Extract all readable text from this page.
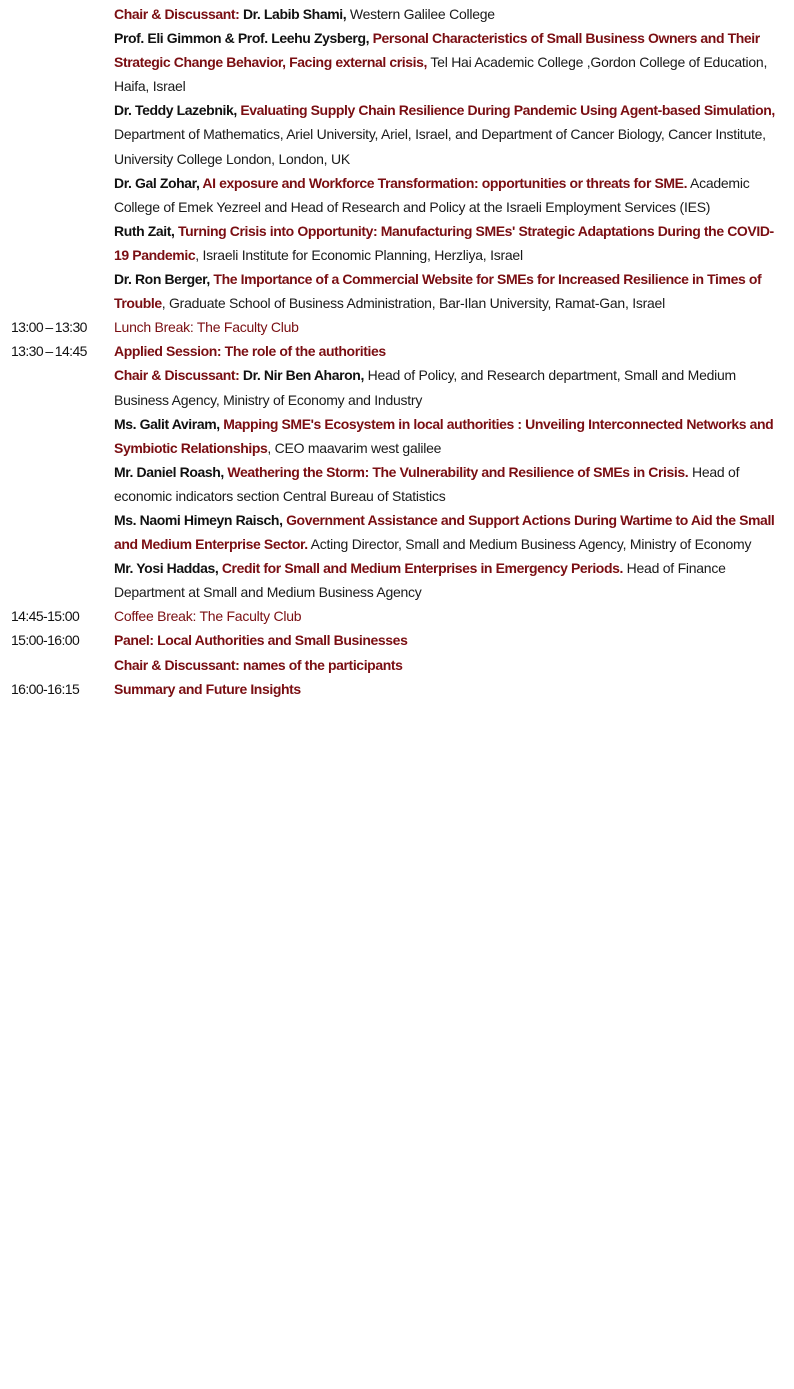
Chair & Discussant: Dr. Labib Shami, Western Galilee College
Prof. Eli Gimmon & Prof. Leehu Zysberg, Personal Characteristics of Small Business Owners and Their Strategic Change Behavior, Facing external crisis, Tel Hai Academic College ,Gordon College of Education, Haifa, Israel
Dr. Teddy Lazebnik, Evaluating Supply Chain Resilience During Pandemic Using Agent-based Simulation, Department of Mathematics, Ariel University, Ariel, Israel, and Department of Cancer Biology, Cancer Institute, University College London, London, UK
Dr. Gal Zohar, AI exposure and Workforce Transformation: opportunities or threats for SME. Academic College of Emek Yezreel and Head of Research and Policy at the Israeli Employment Services (IES)
Ruth Zait, Turning Crisis into Opportunity: Manufacturing SMEs' Strategic Adaptations During the COVID-19 Pandemic, Israeli Institute for Economic Planning, Herzliya, Israel
Dr. Ron Berger, The Importance of a Commercial Website for SMEs for Increased Resilience in Times of Trouble, Graduate School of Business Administration, Bar-Ilan University, Ramat-Gan, Israel
13:00 – 13:30	Lunch Break: The Faculty Club
13:30 – 14:45	Applied Session: The role of the authorities
Chair & Discussant: Dr. Nir Ben Aharon, Head of Policy, and Research department, Small and Medium Business Agency, Ministry of Economy and Industry
Ms. Galit Aviram, Mapping SME's Ecosystem in local authorities : Unveiling Interconnected Networks and Symbiotic Relationships, CEO maavarim west galilee
Mr. Daniel Roash, Weathering the Storm: The Vulnerability and Resilience of SMEs in Crisis. Head of economic indicators section Central Bureau of Statistics
Ms. Naomi Himeyn Raisch, Government Assistance and Support Actions During Wartime to Aid the Small and Medium Enterprise Sector. Acting Director, Small and Medium Business Agency, Ministry of Economy
Mr. Yosi Haddas, Credit for Small and Medium Enterprises in Emergency Periods. Head of Finance Department at Small and Medium Business Agency
14:45-15:00	Coffee Break: The Faculty Club
15:00-16:00	Panel: Local Authorities and Small Businesses
Chair & Discussant: names of the participants
16:00-16:15	Summary and Future Insights
